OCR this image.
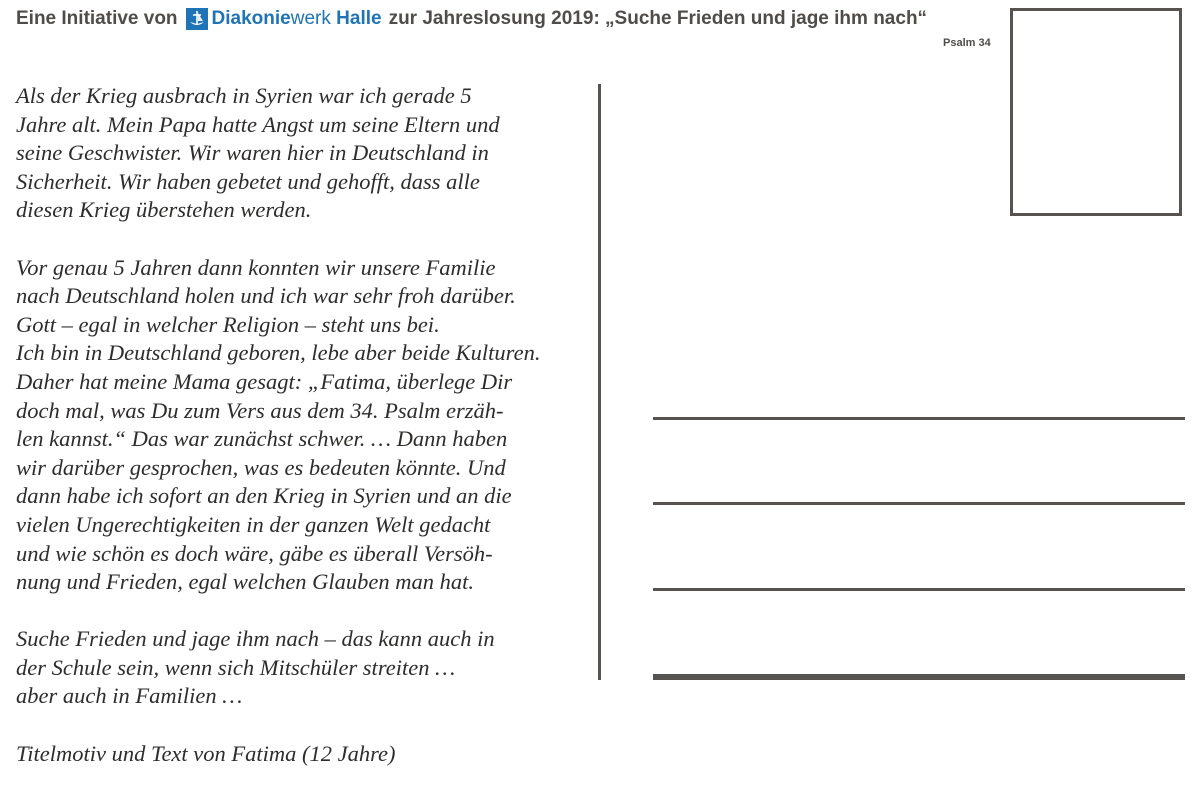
Eine Initiative von Diakoniewerk Halle zur Jahreslosung 2019: „Suche Frieden und jage ihm nach“
Psalm 34

Als der Krieg ausbrach in Syrien war ich gerade 5
Jahre alt. Mein Papa hatte Angst um seine Eltern und
seine Geschwister. Wir waren hier in Deutschland in
Sicherheit. Wir haben gebetet und gehofft, dass alle
diesen Krieg überstehen werden.

Vor genau 5 Jahren dann konnten wir unsere Familie
nach Deutschland holen und ich war sehr froh darüber.
Gott – egal in welcher Religion – steht uns bei.
Ich bin in Deutschland geboren, lebe aber beide Kulturen.
Daher hat meine Mama gesagt: „Fatima, überlege Dir
doch mal, was Du zum Vers aus dem 34. Psalm erzäh-
len kannst.“ Das war zunächst schwer. … Dann haben
wir darüber gesprochen, was es bedeuten könnte. Und
dann habe ich sofort an den Krieg in Syrien und an die
vielen Ungerechtigkeiten in der ganzen Welt gedacht
und wie schön es doch wäre, gäbe es überall Versöh-
nung und Frieden, egal welchen Glauben man hat.

Suche Frieden und jage ihm nach – das kann auch in
der Schule sein, wenn sich Mitschüler streiten …
aber auch in Familien …

Titelmotiv und Text von Fatima (12 Jahre)
